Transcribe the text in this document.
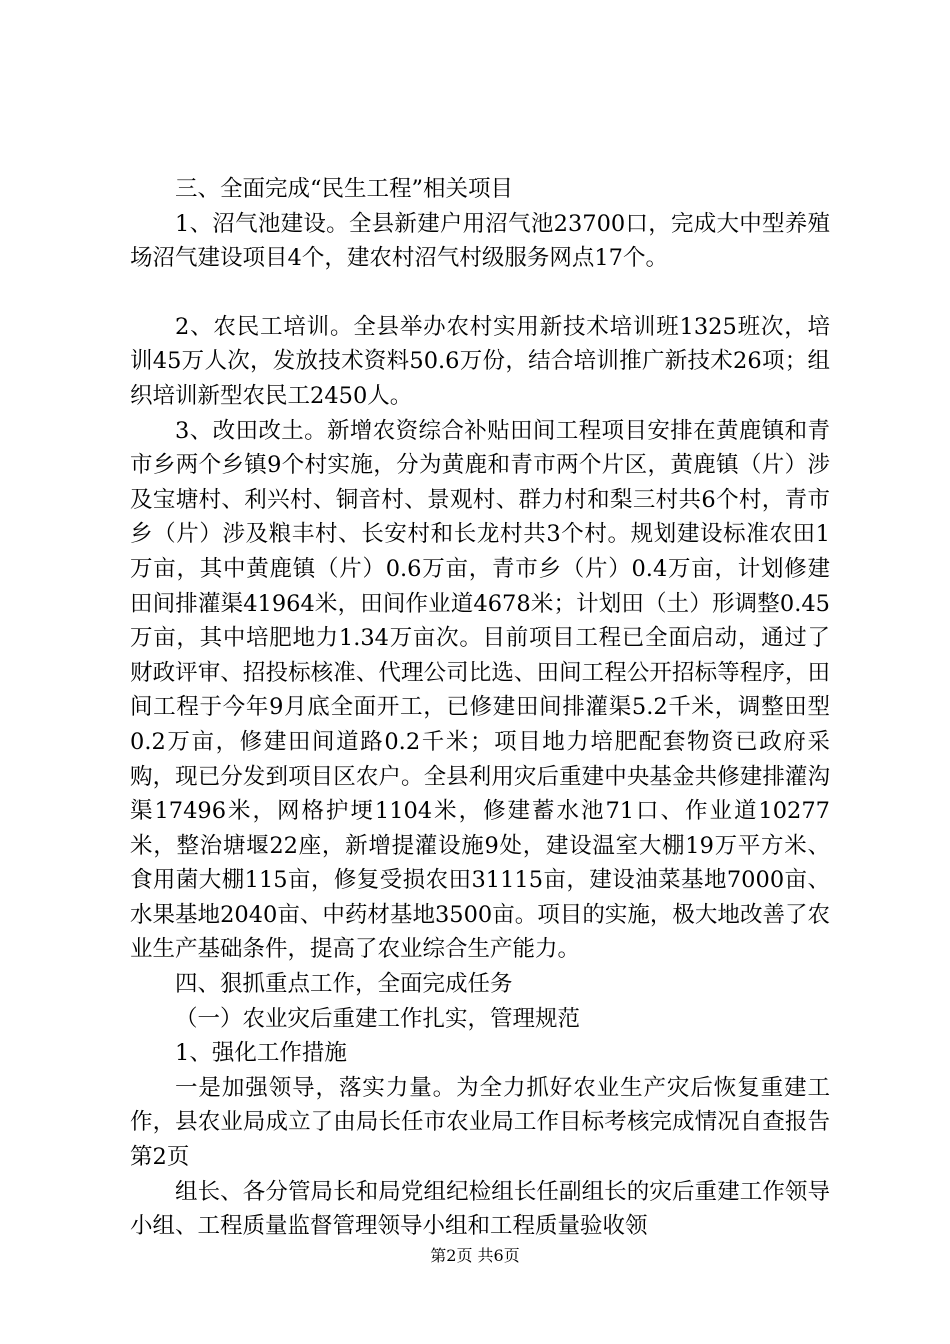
三、全面完成“民生工程”相关项目

1、沼气池建设。全县新建户用沼气池23700口，完成大中型养殖场沼气建设项目4个，建农村沼气村级服务网点17个。

2、农民工培训。全县举办农村实用新技术培训班1325班次，培训45万人次，发放技术资料50.6万份，结合培训推广新技术26项；组织培训新型农民工2450人。

3、改田改土。新增农资综合补贴田间工程项目安排在黄鹿镇和青市乡两个乡镇9个村实施，分为黄鹿和青市两个片区，黄鹿镇（片）涉及宝塘村、利兴村、铜音村、景观村、群力村和梨三村共6个村，青市乡（片）涉及粮丰村、长安村和长龙村共3个村。规划建设标准农田1万亩，其中黄鹿镇（片）0.6万亩，青市乡（片）0.4万亩，计划修建田间排灌渠41964米，田间作业道4678米；计划田（土）形调整0.45万亩，其中培肥地力1.34万亩次。目前项目工程已全面启动，通过了财政评审、招投标核准、代理公司比选、田间工程公开招标等程序，田间工程于今年9月底全面开工，已修建田间排灌渠5.2千米，调整田型0.2万亩，修建田间道路0.2千米；项目地力培肥配套物资已政府采购，现已分发到项目区农户。全县利用灾后重建中央基金共修建排灌沟渠17496米，网格护埂1104米，修建蓄水池71口、作业道10277米，整治塘堰22座，新增提灌设施9处，建设温室大棚19万平方米、食用菌大棚115亩，修复受损农田31115亩，建设油菜基地7000亩、水果基地2040亩、中药材基地3500亩。项目的实施，极大地改善了农业生产基础条件，提高了农业综合生产能力。

四、狠抓重点工作，全面完成任务

（一）农业灾后重建工作扎实，管理规范

1、强化工作措施

一是加强领导，落实力量。为全力抓好农业生产灾后恢复重建工作，县农业局成立了由局长任市农业局工作目标考核完成情况自查报告第2页

组长、各分管局长和局党组纪检组长任副组长的灾后重建工作领导小组、工程质量监督管理领导小组和工程质量验收领

第2页 共6页
